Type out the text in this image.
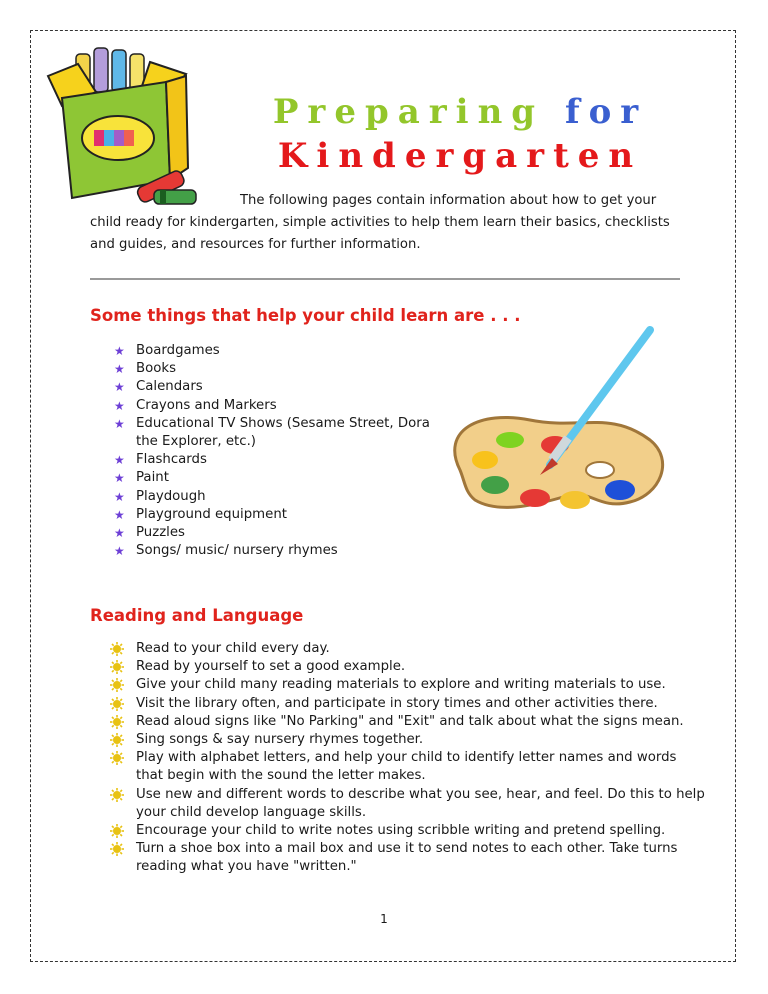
Preparing for
Kindergarten

The following pages contain information about how to get your child ready for kindergarten, simple activities to help them learn their basics, checklists and guides, and resources for further information.

Some things that help your child learn are . . .
★ Boardgames
★ Books
★ Calendars
★ Crayons and Markers
★ Educational TV Shows (Sesame Street, Dora the Explorer, etc.)
★ Flashcards
★ Paint
★ Playdough
★ Playground equipment
★ Puzzles
★ Songs/ music/ nursery rhymes
Reading and Language
Read to your child every day.
Read by yourself to set a good example.
Give your child many reading materials to explore and writing materials to use.
Visit the library often, and participate in story times and other activities there.
Read aloud signs like "No Parking" and "Exit" and talk about what the signs mean.
Sing songs & say nursery rhymes together.
Play with alphabet letters, and help your child to identify letter names and words that begin with the sound the letter makes.
Use new and different words to describe what you see, hear, and feel. Do this to help your child develop language skills.
Encourage your child to write notes using scribble writing and pretend spelling.
Turn a shoe box into a mail box and use it to send notes to each other. Take turns reading what you have "written."
1
